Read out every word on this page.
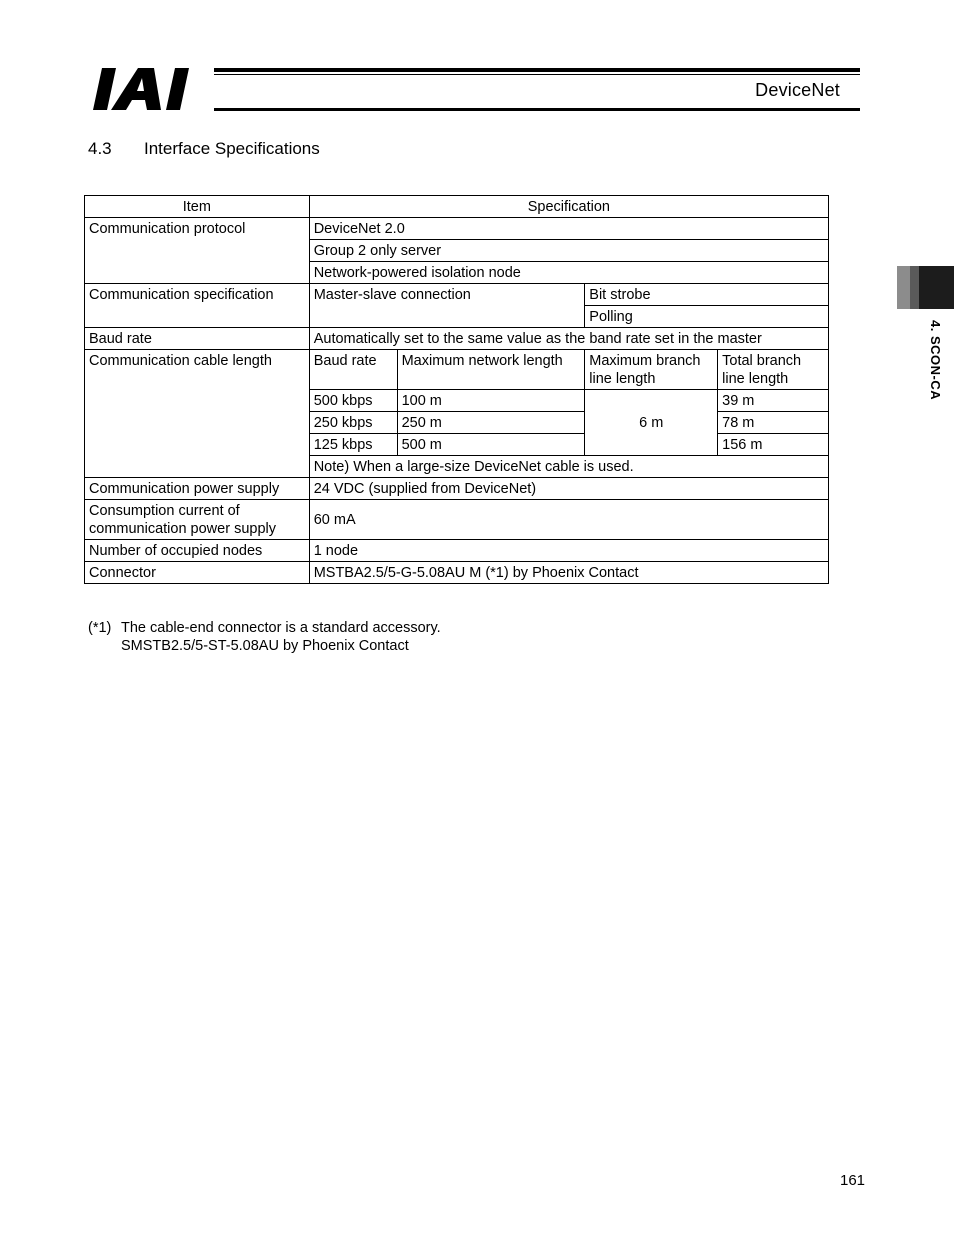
DeviceNet
4.3 Interface Specifications
4. SCON-CA
Item	Specification			
Communication protocol	DeviceNet 2.0			
	Group 2 only server			
	Network-powered isolation node			
Communication specification	Master-slave connection		Bit strobe	
			Polling	
Baud rate	Automatically set to the same value as the band rate set in the master			
Communication cable length	Baud rate	Maximum network length	Maximum branch line length	Total branch line length
	500 kbps	100 m	6 m	39 m
	250 kbps	250 m		78 m
	125 kbps	500 m		156 m
	Note) When a large-size DeviceNet cable is used.			
Communication power supply	24 VDC (supplied from DeviceNet)			
Consumption current of communication power supply	60 mA			
Number of occupied nodes	1 node			
Connector	MSTBA2.5/5-G-5.08AU M (*1) by Phoenix Contact			
(*1) The cable-end connector is a standard accessory.
SMSTB2.5/5-ST-5.08AU by Phoenix Contact
161
